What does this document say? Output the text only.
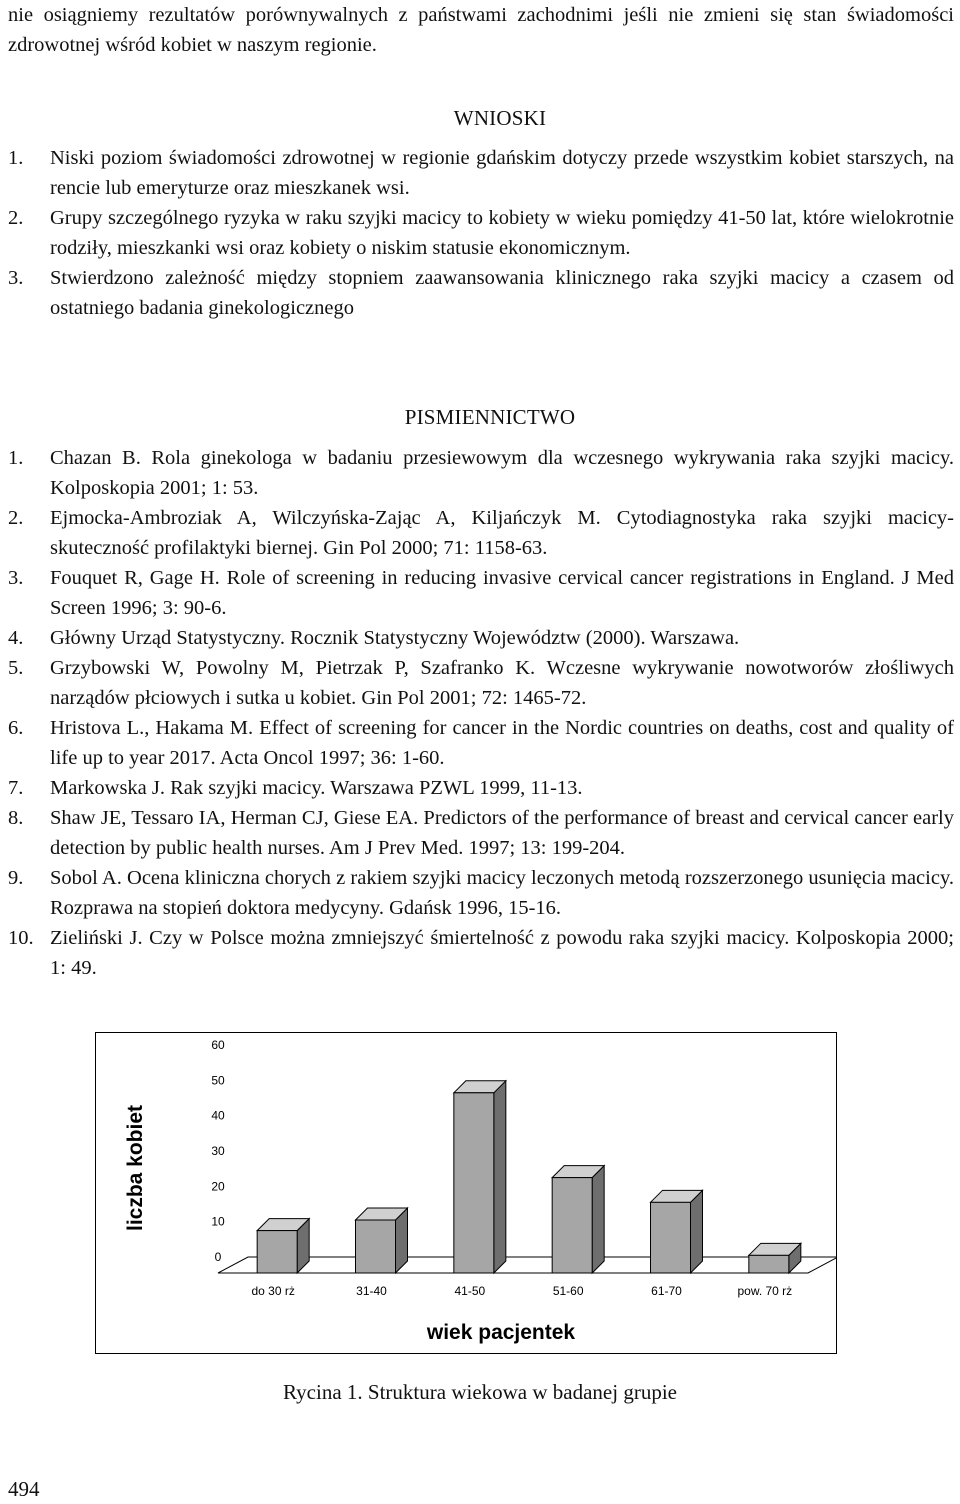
nie osiągniemy rezultatów porównywalnych z państwami zachodnimi jeśli nie zmieni się stan świadomości zdrowotnej wśród kobiet w naszym regionie.

WNIOSKI
1. Niski poziom świadomości zdrowotnej w regionie gdańskim dotyczy przede wszystkim kobiet starszych, na rencie lub emeryturze oraz mieszkanek wsi.
2. Grupy szczególnego ryzyka w raku szyjki macicy to kobiety w wieku pomiędzy 41-50 lat, które wielokrotnie rodziły, mieszkanki wsi oraz kobiety o niskim statusie ekonomicznym.
3. Stwierdzono zależność między stopniem zaawansowania klinicznego raka szyjki macicy a czasem od ostatniego badania ginekologicznego
PISMIENNICTWO
1. Chazan B. Rola ginekologa w badaniu przesiewowym dla wczesnego wykrywania raka szyjki macicy. Kolposkopia 2001; 1: 53.
2. Ejmocka-Ambroziak A, Wilczyńska-Zając A, Kiljańczyk M. Cytodiagnostyka raka szyjki macicy- skuteczność profilaktyki biernej. Gin Pol 2000; 71: 1158-63.
3. Fouquet R, Gage H. Role of screening in reducing invasive cervical cancer registrations in England. J Med Screen 1996; 3: 90-6.
4. Główny Urząd Statystyczny. Rocznik Statystyczny Województw (2000). Warszawa.
5. Grzybowski W, Powolny M, Pietrzak P, Szafranko K. Wczesne wykrywanie nowotworów złośliwych narządów płciowych i sutka u kobiet. Gin Pol 2001; 72: 1465-72.
6. Hristova L., Hakama M. Effect of screening for cancer in the Nordic countries on deaths, cost and quality of life up to year 2017. Acta Oncol 1997; 36: 1-60.
7. Markowska J. Rak szyjki macicy. Warszawa PZWL 1999, 11-13.
8. Shaw JE, Tessaro IA, Herman CJ, Giese EA. Predictors of the performance of breast and cervical cancer early detection by public health nurses. Am J Prev Med. 1997; 13: 199-204.
9. Sobol A. Ocena kliniczna chorych z rakiem szyjki macicy leczonych metodą rozszerzonego usunięcia macicy. Rozprawa na stopień doktora medycyny. Gdańsk 1996, 15-16.
10. Zieliński J. Czy w Polsce można zmniejszyć śmiertelność z powodu raka szyjki macicy. Kolposkopia 2000; 1: 49.
0
10
20
30
40
50
60
liczba kobiet
do 30 rż	31-40	41-50	51-60	61-70	pow. 70 rż
wiek pacjentek
Rycina 1. Struktura wiekowa w badanej grupie
494
